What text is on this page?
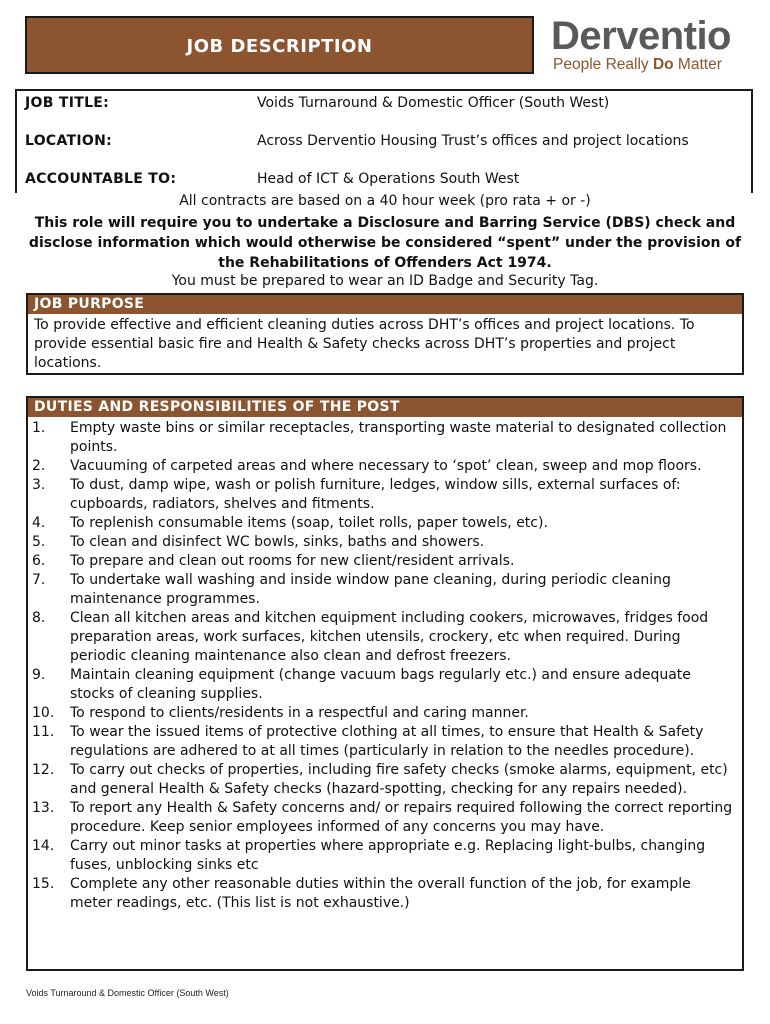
JOB DESCRIPTION	Derventio
People Really Do Matter
JOB TITLE:	Voids Turnaround & Domestic Officer (South West)
LOCATION:	Across Derventio Housing Trust’s offices and project locations
ACCOUNTABLE TO:	Head of ICT & Operations South West
All contracts are based on a 40 hour week (pro rata + or -)
This role will require you to undertake a Disclosure and Barring Service (DBS) check and disclose information which would otherwise be considered “spent” under the provision of the Rehabilitations of Offenders Act 1974.
You must be prepared to wear an ID Badge and Security Tag.
JOB PURPOSE
To provide effective and efficient cleaning duties across DHT’s offices and project locations. To provide essential basic fire and Health & Safety checks across DHT’s properties and project locations.
DUTIES AND RESPONSIBILITIES OF THE POST
1.	Empty waste bins or similar receptacles, transporting waste material to designated collection points.
2.	Vacuuming of carpeted areas and where necessary to ‘spot’ clean, sweep and mop floors.
3.	To dust, damp wipe, wash or polish furniture, ledges, window sills, external surfaces of: cupboards, radiators, shelves and fitments.
4.	To replenish consumable items (soap, toilet rolls, paper towels, etc).
5.	To clean and disinfect WC bowls, sinks, baths and showers.
6.	To prepare and clean out rooms for new client/resident arrivals.
7.	To undertake wall washing and inside window pane cleaning, during periodic cleaning maintenance programmes.
8.	Clean all kitchen areas and kitchen equipment including cookers, microwaves, fridges food preparation areas, work surfaces, kitchen utensils, crockery, etc when required. During periodic cleaning maintenance also clean and defrost freezers.
9.	Maintain cleaning equipment (change vacuum bags regularly etc.) and ensure adequate stocks of cleaning supplies.
10.	To respond to clients/residents in a respectful and caring manner.
11.	To wear the issued items of protective clothing at all times, to ensure that Health & Safety regulations are adhered to at all times (particularly in relation to the needles procedure).
12.	To carry out checks of properties, including fire safety checks (smoke alarms, equipment, etc) and general Health & Safety checks (hazard-spotting, checking for any repairs needed).
13.	To report any Health & Safety concerns and/ or repairs required following the correct reporting procedure. Keep senior employees informed of any concerns you may have.
14.	Carry out minor tasks at properties where appropriate e.g. Replacing light-bulbs, changing fuses, unblocking sinks etc
15.	Complete any other reasonable duties within the overall function of the job, for example meter readings, etc. (This list is not exhaustive.)
Voids Turnaround & Domestic Officer (South West)
